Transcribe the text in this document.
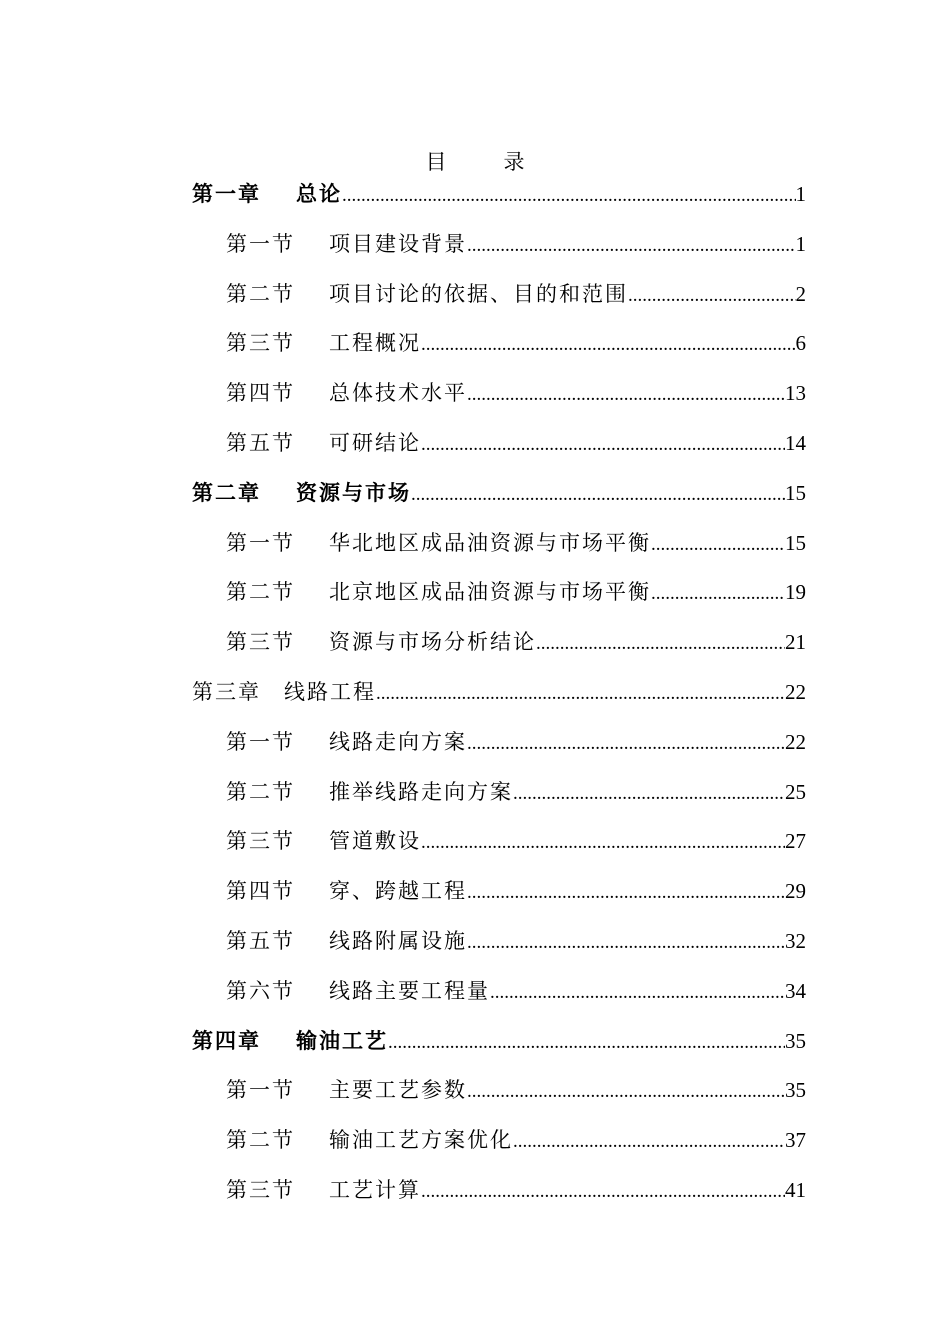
目　录
第一章	总论 .....	1
第一节	项目建设背景 .....	1
第二节	项目讨论的依据、目的和范围 .....	2
第三节	工程概况 .....	6
第四节	总体技术水平 .....	13
第五节	可研结论 .....	14
第二章	资源与市场 .....	15
第一节	华北地区成品油资源与市场平衡 .....	15
第二节	北京地区成品油资源与市场平衡 .....	19
第三节	资源与市场分析结论 .....	21
第三章	线路工程 .....	22
第一节	线路走向方案 .....	22
第二节	推举线路走向方案 .....	25
第三节	管道敷设 .....	27
第四节	穿、跨越工程 .....	29
第五节	线路附属设施 .....	32
第六节	线路主要工程量 .....	34
第四章	输油工艺 .....	35
第一节	主要工艺参数 .....	35
第二节	输油工艺方案优化 .....	37
第三节	工艺计算 .....	41
